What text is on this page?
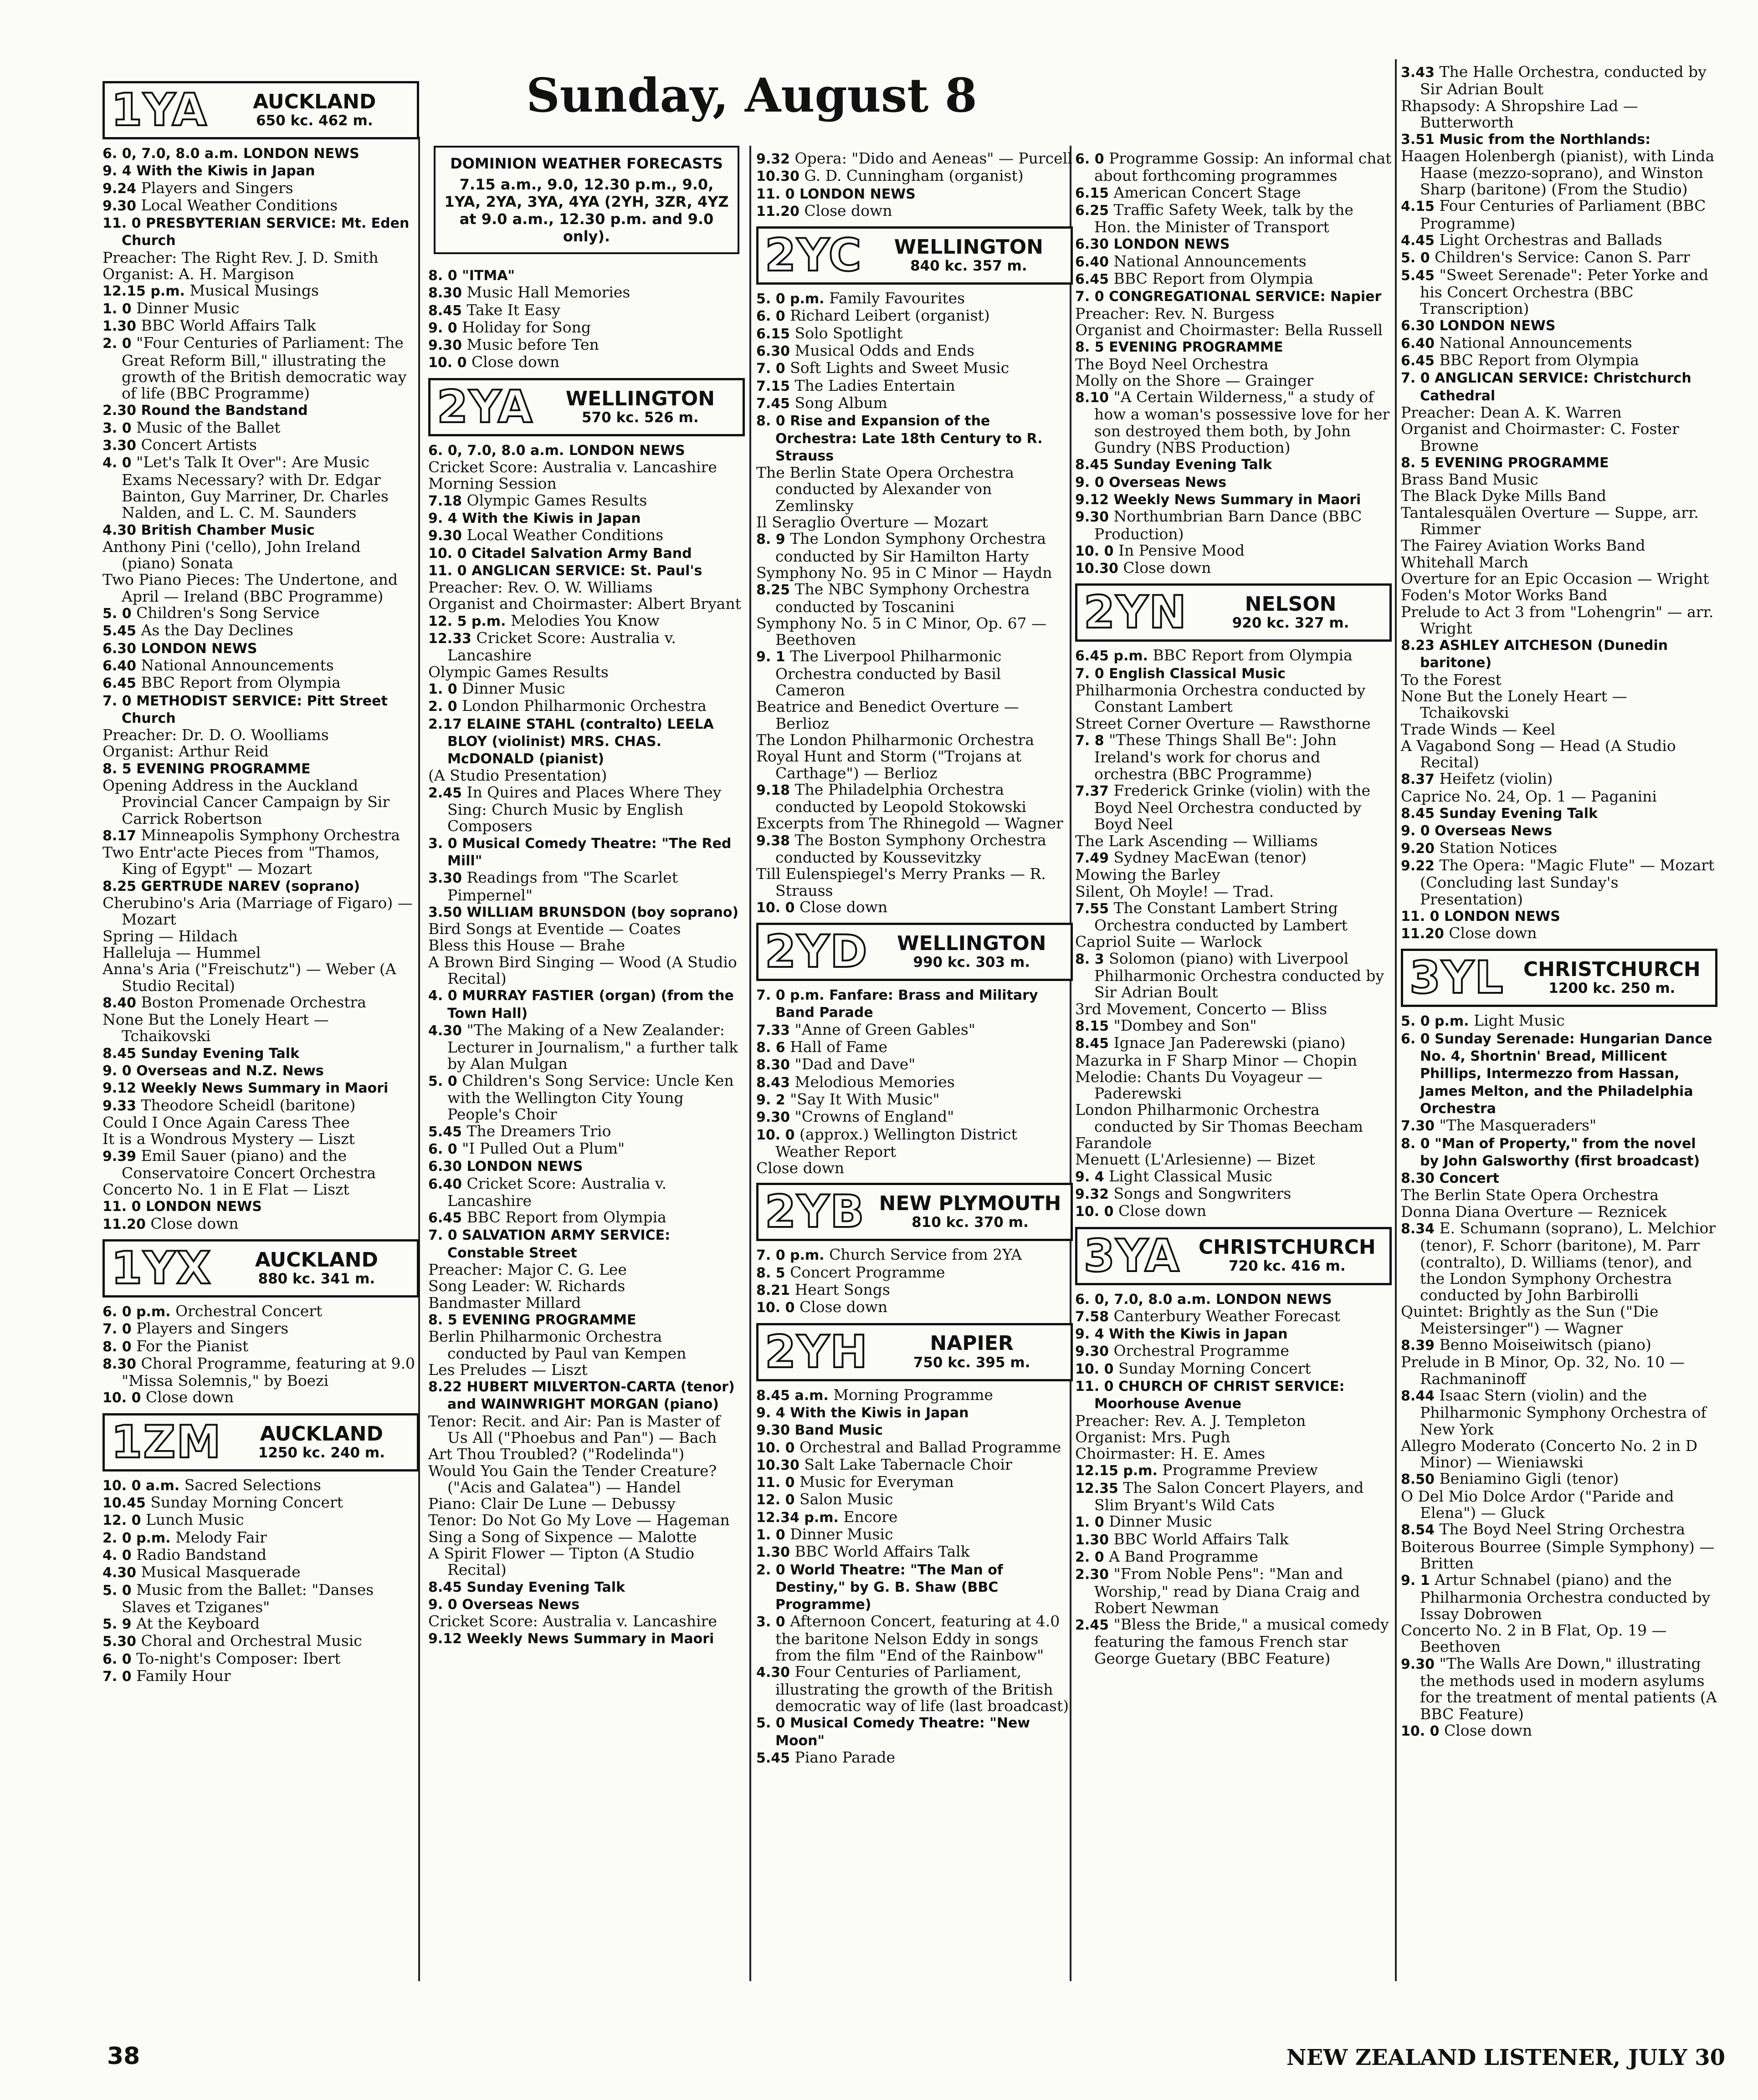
Sunday, August 8
1YA	AUCKLAND
650 kc. 462 m.

6. 0, 7.0, 8.0 a.m. LONDON NEWS

9. 4 With the Kiwis in Japan

9.24 Players and Singers

9.30 Local Weather Conditions

11. 0 PRESBYTERIAN SERVICE: Mt. Eden Church

Preacher: The Right Rev. J. D. Smith

Organist: A. H. Margison

12.15 p.m. Musical Musings

1. 0 Dinner Music

1.30 BBC World Affairs Talk

2. 0 "Four Centuries of Parliament: The Great Reform Bill," illustrating the growth of the British democratic way of life (BBC Programme)

2.30 Round the Bandstand

3. 0 Music of the Ballet

3.30 Concert Artists

4. 0 "Let's Talk It Over": Are Music Exams Necessary? with Dr. Edgar Bainton, Guy Marriner, Dr. Charles Nalden, and L. C. M. Saunders

4.30 British Chamber Music

Anthony Pini ('cello), John Ireland (piano) Sonata

Two Piano Pieces: The Undertone, and April — Ireland (BBC Programme)

5. 0 Children's Song Service

5.45 As the Day Declines

6.30 LONDON NEWS

6.40 National Announcements

6.45 BBC Report from Olympia

7. 0 METHODIST SERVICE: Pitt Street Church

Preacher: Dr. D. O. Woolliams

Organist: Arthur Reid

8. 5 EVENING PROGRAMME

Opening Address in the Auckland Provincial Cancer Campaign by Sir Carrick Robertson

8.17 Minneapolis Symphony Orchestra

Two Entr'acte Pieces from "Thamos, King of Egypt" — Mozart

8.25 GERTRUDE NAREV (soprano)

Cherubino's Aria (Marriage of Figaro) — Mozart

Spring — Hildach

Halleluja — Hummel

Anna's Aria ("Freischutz") — Weber (A Studio Recital)

8.40 Boston Promenade Orchestra

None But the Lonely Heart — Tchaikovski

8.45 Sunday Evening Talk

9. 0 Overseas and N.Z. News

9.12 Weekly News Summary in Maori

9.33 Theodore Scheidl (baritone)

Could I Once Again Caress Thee

It is a Wondrous Mystery — Liszt

9.39 Emil Sauer (piano) and the Conservatoire Concert Orchestra

Concerto No. 1 in E Flat — Liszt

11. 0 LONDON NEWS

11.20 Close down

1YX	AUCKLAND
880 kc. 341 m.

6. 0 p.m. Orchestral Concert

7. 0 Players and Singers

8. 0 For the Pianist

8.30 Choral Programme, featuring at 9.0 "Missa Solemnis," by Boezi

10. 0 Close down

1ZM	AUCKLAND
1250 kc. 240 m.

10. 0 a.m. Sacred Selections

10.45 Sunday Morning Concert

12. 0 Lunch Music

2. 0 p.m. Melody Fair

4. 0 Radio Bandstand

4.30 Musical Masquerade

5. 0 Music from the Ballet: "Danses Slaves et Tziganes"

5. 9 At the Keyboard

5.30 Choral and Orchestral Music

6. 0 To-night's Composer: Ibert

7. 0 Family Hour

DOMINION WEATHER FORECASTS
7.15 a.m., 9.0, 12.30 p.m., 9.0, 1YA, 2YA, 3YA, 4YA (2YH, 3ZR, 4YZ at 9.0 a.m., 12.30 p.m. and 9.0 only).

8. 0 "ITMA"

8.30 Music Hall Memories

8.45 Take It Easy

9. 0 Holiday for Song

9.30 Music before Ten

10. 0 Close down

2YA	WELLINGTON
570 kc. 526 m.

6. 0, 7.0, 8.0 a.m. LONDON NEWS

Cricket Score: Australia v. Lancashire

Morning Session

7.18 Olympic Games Results

9. 4 With the Kiwis in Japan

9.30 Local Weather Conditions

10. 0 Citadel Salvation Army Band

11. 0 ANGLICAN SERVICE: St. Paul's

Preacher: Rev. O. W. Williams

Organist and Choirmaster: Albert Bryant

12. 5 p.m. Melodies You Know

12.33 Cricket Score: Australia v. Lancashire

Olympic Games Results

1. 0 Dinner Music

2. 0 London Philharmonic Orchestra

2.17 ELAINE STAHL (contralto) LEELA BLOY (violinist) MRS. CHAS. McDONALD (pianist)

(A Studio Presentation)

2.45 In Quires and Places Where They Sing: Church Music by English Composers

3. 0 Musical Comedy Theatre: "The Red Mill"

3.30 Readings from "The Scarlet Pimpernel"

3.50 WILLIAM BRUNSDON (boy soprano)

Bird Songs at Eventide — Coates

Bless this House — Brahe

A Brown Bird Singing — Wood (A Studio Recital)

4. 0 MURRAY FASTIER (organ) (from the Town Hall)

4.30 "The Making of a New Zealander: Lecturer in Journalism," a further talk by Alan Mulgan

5. 0 Children's Song Service: Uncle Ken with the Wellington City Young People's Choir

5.45 The Dreamers Trio

6. 0 "I Pulled Out a Plum"

6.30 LONDON NEWS

6.40 Cricket Score: Australia v. Lancashire

6.45 BBC Report from Olympia

7. 0 SALVATION ARMY SERVICE: Constable Street

Preacher: Major C. G. Lee

Song Leader: W. Richards

Bandmaster Millard

8. 5 EVENING PROGRAMME

Berlin Philharmonic Orchestra conducted by Paul van Kempen

Les Preludes — Liszt

8.22 HUBERT MILVERTON-CARTA (tenor) and WAINWRIGHT MORGAN (piano)

Tenor: Recit. and Air: Pan is Master of Us All ("Phoebus and Pan") — Bach

Art Thou Troubled? ("Rodelinda")

Would You Gain the Tender Creature? ("Acis and Galatea") — Handel

Piano: Clair De Lune — Debussy

Tenor: Do Not Go My Love — Hageman

Sing a Song of Sixpence — Malotte

A Spirit Flower — Tipton (A Studio Recital)

8.45 Sunday Evening Talk

9. 0 Overseas News

Cricket Score: Australia v. Lancashire

9.12 Weekly News Summary in Maori

9.32 Opera: "Dido and Aeneas" — Purcell

10.30 G. D. Cunningham (organist)

11. 0 LONDON NEWS

11.20 Close down

2YC	WELLINGTON
840 kc. 357 m.

5. 0 p.m. Family Favourites

6. 0 Richard Leibert (organist)

6.15 Solo Spotlight

6.30 Musical Odds and Ends

7. 0 Soft Lights and Sweet Music

7.15 The Ladies Entertain

7.45 Song Album

8. 0 Rise and Expansion of the Orchestra: Late 18th Century to R. Strauss

The Berlin State Opera Orchestra conducted by Alexander von Zemlinsky

Il Seraglio Overture — Mozart

8. 9 The London Symphony Orchestra conducted by Sir Hamilton Harty

Symphony No. 95 in C Minor — Haydn

8.25 The NBC Symphony Orchestra conducted by Toscanini

Symphony No. 5 in C Minor, Op. 67 — Beethoven

9. 1 The Liverpool Philharmonic Orchestra conducted by Basil Cameron

Beatrice and Benedict Overture — Berlioz

The London Philharmonic Orchestra

Royal Hunt and Storm ("Trojans at Carthage") — Berlioz

9.18 The Philadelphia Orchestra conducted by Leopold Stokowski

Excerpts from The Rhinegold — Wagner

9.38 The Boston Symphony Orchestra conducted by Koussevitzky

Till Eulenspiegel's Merry Pranks — R. Strauss

10. 0 Close down

2YD	WELLINGTON
990 kc. 303 m.

7. 0 p.m. Fanfare: Brass and Military Band Parade

7.33 "Anne of Green Gables"

8. 6 Hall of Fame

8.30 "Dad and Dave"

8.43 Melodious Memories

9. 2 "Say It With Music"

9.30 "Crowns of England"

10. 0 (approx.) Wellington District Weather Report

Close down

2YB NEW PLYMOUTH
810 kc. 370 m.

7. 0 p.m. Church Service from 2YA

8. 5 Concert Programme

8.21 Heart Songs

10. 0 Close down

2YH	NAPIER
750 kc. 395 m.

8.45 a.m. Morning Programme

9. 4 With the Kiwis in Japan

9.30 Band Music

10. 0 Orchestral and Ballad Programme

10.30 Salt Lake Tabernacle Choir

11. 0 Music for Everyman

12. 0 Salon Music

12.34 p.m. Encore

1. 0 Dinner Music

1.30 BBC World Affairs Talk

2. 0 World Theatre: "The Man of Destiny," by G. B. Shaw (BBC Programme)

3. 0 Afternoon Concert, featuring at 4.0 the baritone Nelson Eddy in songs from the film "End of the Rainbow"

4.30 Four Centuries of Parliament, illustrating the growth of the British democratic way of life (last broadcast)

5. 0 Musical Comedy Theatre: "New Moon"

5.45 Piano Parade

6. 0 Programme Gossip: An informal chat about forthcoming programmes

6.15 American Concert Stage

6.25 Traffic Safety Week, talk by the Hon. the Minister of Transport

6.30 LONDON NEWS

6.40 National Announcements

6.45 BBC Report from Olympia

7. 0 CONGREGATIONAL SERVICE: Napier

Preacher: Rev. N. Burgess

Organist and Choirmaster: Bella Russell

8. 5 EVENING PROGRAMME

The Boyd Neel Orchestra

Molly on the Shore — Grainger

8.10 "A Certain Wilderness," a study of how a woman's possessive love for her son destroyed them both, by John Gundry (NBS Production)

8.45 Sunday Evening Talk

9. 0 Overseas News

9.12 Weekly News Summary in Maori

9.30 Northumbrian Barn Dance (BBC Production)

10. 0 In Pensive Mood

10.30 Close down

2YN	NELSON
920 kc. 327 m.

6.45 p.m. BBC Report from Olympia

7. 0 English Classical Music

Philharmonia Orchestra conducted by Constant Lambert

Street Corner Overture — Rawsthorne

7. 8 "These Things Shall Be": John Ireland's work for chorus and orchestra (BBC Programme)

7.37 Frederick Grinke (violin) with the Boyd Neel Orchestra conducted by Boyd Neel

The Lark Ascending — Williams

7.49 Sydney MacEwan (tenor)

Mowing the Barley

Silent, Oh Moyle! — Trad.

7.55 The Constant Lambert String Orchestra conducted by Lambert

Capriol Suite — Warlock

8. 3 Solomon (piano) with Liverpool Philharmonic Orchestra conducted by Sir Adrian Boult

3rd Movement, Concerto — Bliss

8.15 "Dombey and Son"

8.45 Ignace Jan Paderewski (piano)

Mazurka in F Sharp Minor — Chopin

Melodie: Chants Du Voyageur — Paderewski

London Philharmonic Orchestra conducted by Sir Thomas Beecham

Farandole

Menuett (L'Arlesienne) — Bizet

9. 4 Light Classical Music

9.32 Songs and Songwriters

10. 0 Close down

3YA CHRISTCHURCH
720 kc. 416 m.

6. 0, 7.0, 8.0 a.m. LONDON NEWS

7.58 Canterbury Weather Forecast

9. 4 With the Kiwis in Japan

9.30 Orchestral Programme

10. 0 Sunday Morning Concert

11. 0 CHURCH OF CHRIST SERVICE: Moorhouse Avenue

Preacher: Rev. A. J. Templeton

Organist: Mrs. Pugh

Choirmaster: H. E. Ames

12.15 p.m. Programme Preview

12.35 The Salon Concert Players, and Slim Bryant's Wild Cats

1. 0 Dinner Music

1.30 BBC World Affairs Talk

2. 0 A Band Programme

2.30 "From Noble Pens": "Man and Worship," read by Diana Craig and Robert Newman

2.45 "Bless the Bride," a musical comedy featuring the famous French star George Guetary (BBC Feature)

3.43 The Halle Orchestra, conducted by Sir Adrian Boult

Rhapsody: A Shropshire Lad — Butterworth

3.51 Music from the Northlands:

Haagen Holenbergh (pianist), with Linda Haase (mezzo-soprano), and Winston Sharp (baritone) (From the Studio)

4.15 Four Centuries of Parliament (BBC Programme)

4.45 Light Orchestras and Ballads

5. 0 Children's Service: Canon S. Parr

5.45 "Sweet Serenade": Peter Yorke and his Concert Orchestra (BBC Transcription)

6.30 LONDON NEWS

6.40 National Announcements

6.45 BBC Report from Olympia

7. 0 ANGLICAN SERVICE: Christchurch Cathedral

Preacher: Dean A. K. Warren

Organist and Choirmaster: C. Foster Browne

8. 5 EVENING PROGRAMME

Brass Band Music

The Black Dyke Mills Band

Tantalesquälen Overture — Suppe, arr. Rimmer

The Fairey Aviation Works Band

Whitehall March

Overture for an Epic Occasion — Wright

Foden's Motor Works Band

Prelude to Act 3 from "Lohengrin" — arr. Wright

8.23 ASHLEY AITCHESON (Dunedin baritone)

To the Forest

None But the Lonely Heart — Tchaikovski

Trade Winds — Keel

A Vagabond Song — Head (A Studio Recital)

8.37 Heifetz (violin)

Caprice No. 24, Op. 1 — Paganini

8.45 Sunday Evening Talk

9. 0 Overseas News

9.20 Station Notices

9.22 The Opera: "Magic Flute" — Mozart (Concluding last Sunday's Presentation)

11. 0 LONDON NEWS

11.20 Close down

3YL CHRISTCHURCH
1200 kc. 250 m.

5. 0 p.m. Light Music

6. 0 Sunday Serenade: Hungarian Dance No. 4, Shortnin' Bread, Millicent Phillips, Intermezzo from Hassan, James Melton, and the Philadelphia Orchestra

7.30 "The Masqueraders"

8. 0 "Man of Property," from the novel by John Galsworthy (first broadcast)

8.30 Concert

The Berlin State Opera Orchestra

Donna Diana Overture — Reznicek

8.34 E. Schumann (soprano), L. Melchior (tenor), F. Schorr (baritone), M. Parr (contralto), D. Williams (tenor), and the London Symphony Orchestra conducted by John Barbirolli

Quintet: Brightly as the Sun ("Die Meistersinger") — Wagner

8.39 Benno Moiseiwitsch (piano)

Prelude in B Minor, Op. 32, No. 10 — Rachmaninoff

8.44 Isaac Stern (violin) and the Philharmonic Symphony Orchestra of New York

Allegro Moderato (Concerto No. 2 in D Minor) — Wieniawski

8.50 Beniamino Gigli (tenor)

O Del Mio Dolce Ardor ("Paride and Elena") — Gluck

8.54 The Boyd Neel String Orchestra

Boiterous Bourree (Simple Symphony) — Britten

9. 1 Artur Schnabel (piano) and the Philharmonia Orchestra conducted by Issay Dobrowen

Concerto No. 2 in B Flat, Op. 19 — Beethoven

9.30 "The Walls Are Down," illustrating the methods used in modern asylums for the treatment of mental patients (A BBC Feature)

10. 0 Close down

38	NEW ZEALAND LISTENER, JULY 30
